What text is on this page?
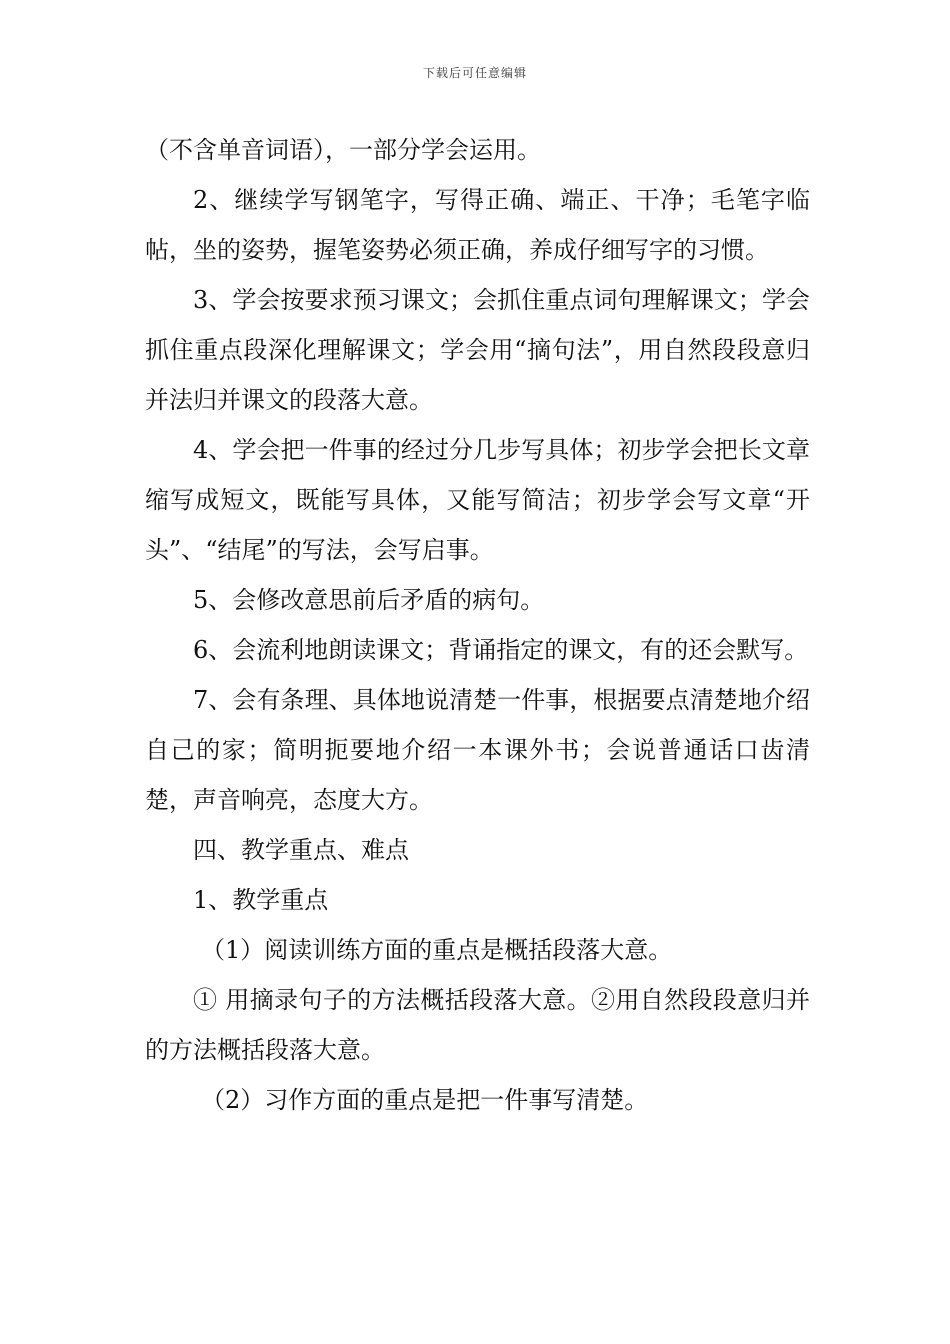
下载后可任意编辑

（不含单音词语），一部分学会运用。

2、继续学写钢笔字，写得正确、端正、干净；毛笔字临帖，坐的姿势，握笔姿势必须正确，养成仔细写字的习惯。

3、学会按要求预习课文；会抓住重点词句理解课文；学会抓住重点段深化理解课文；学会用“摘句法”，用自然段段意归并法归并课文的段落大意。

4、学会把一件事的经过分几步写具体；初步学会把长文章缩写成短文，既能写具体，又能写简洁；初步学会写文章“开头”、“结尾”的写法，会写启事。

5、会修改意思前后矛盾的病句。

6、会流利地朗读课文；背诵指定的课文，有的还会默写。

7、会有条理、具体地说清楚一件事，根据要点清楚地介绍自己的家；简明扼要地介绍一本课外书；会说普通话口齿清楚，声音响亮，态度大方。

四、教学重点、难点

1、教学重点

（1）阅读训练方面的重点是概括段落大意。

① 用摘录句子的方法概括段落大意。②用自然段段意归并的方法概括段落大意。

（2）习作方面的重点是把一件事写清楚。
